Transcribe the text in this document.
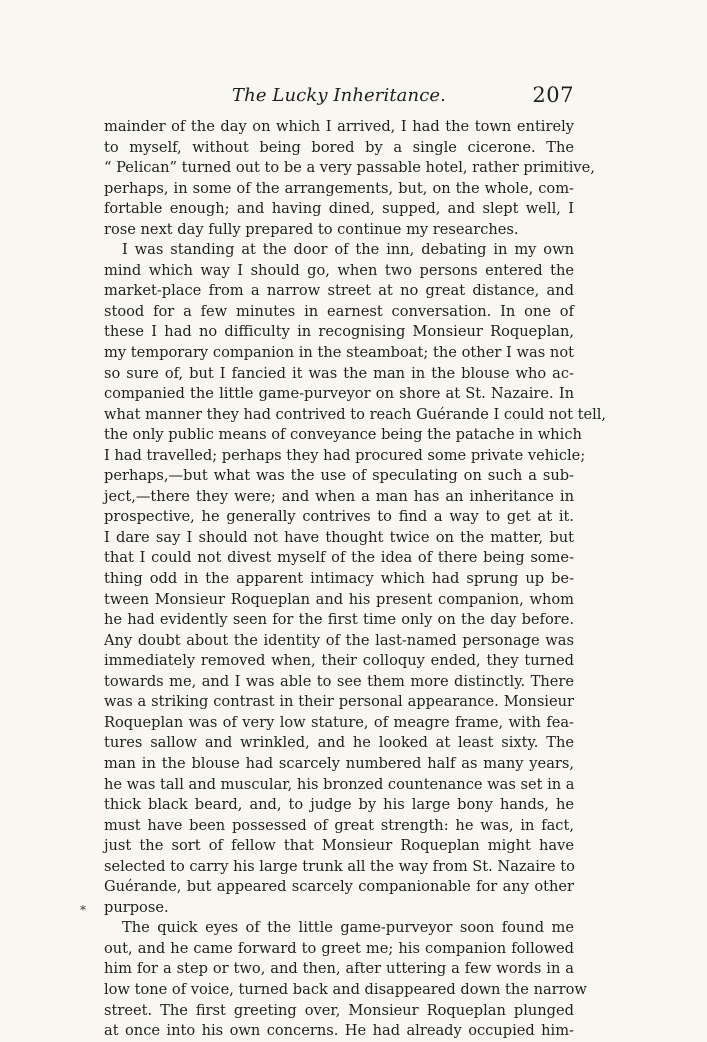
The Lucky Inheritance.	207
mainder of the day on which I arrived, I had the town entirely
to myself, without being bored by a single cicerone. The
“ Pelican” turned out to be a very passable hotel, rather primitive,
perhaps, in some of the arrangements, but, on the whole, com-
fortable enough; and having dined, supped, and slept well, I
rose next day fully prepared to continue my researches.
I was standing at the door of the inn, debating in my own
mind which way I should go, when two persons entered the
market-place from a narrow street at no great distance, and
stood for a few minutes in earnest conversation. In one of
these I had no difficulty in recognising Monsieur Roqueplan,
my temporary companion in the steamboat; the other I was not
so sure of, but I fancied it was the man in the blouse who ac-
companied the little game-purveyor on shore at St. Nazaire. In
what manner they had contrived to reach Guérande I could not tell,
the only public means of conveyance being the patache in which
I had travelled; perhaps they had procured some private vehicle;
perhaps,—but what was the use of speculating on such a sub-
ject,—there they were; and when a man has an inheritance in
prospective, he generally contrives to find a way to get at it.
I dare say I should not have thought twice on the matter, but
that I could not divest myself of the idea of there being some-
thing odd in the apparent intimacy which had sprung up be-
tween Monsieur Roqueplan and his present companion, whom
he had evidently seen for the first time only on the day before.
Any doubt about the identity of the last-named personage was
immediately removed when, their colloquy ended, they turned
towards me, and I was able to see them more distinctly. There
was a striking contrast in their personal appearance. Monsieur
Roqueplan was of very low stature, of meagre frame, with fea-
tures sallow and wrinkled, and he looked at least sixty. The
man in the blouse had scarcely numbered half as many years,
he was tall and muscular, his bronzed countenance was set in a
thick black beard, and, to judge by his large bony hands, he
must have been possessed of great strength: he was, in fact,
just the sort of fellow that Monsieur Roqueplan might have
selected to carry his large trunk all the way from St. Nazaire to
Guérande, but appeared scarcely companionable for any other
purpose.
The quick eyes of the little game-purveyor soon found me
out, and he came forward to greet me; his companion followed
him for a step or two, and then, after uttering a few words in a
low tone of voice, turned back and disappeared down the narrow
street. The first greeting over, Monsieur Roqueplan plunged
at once into his own concerns. He had already occupied him-
*
